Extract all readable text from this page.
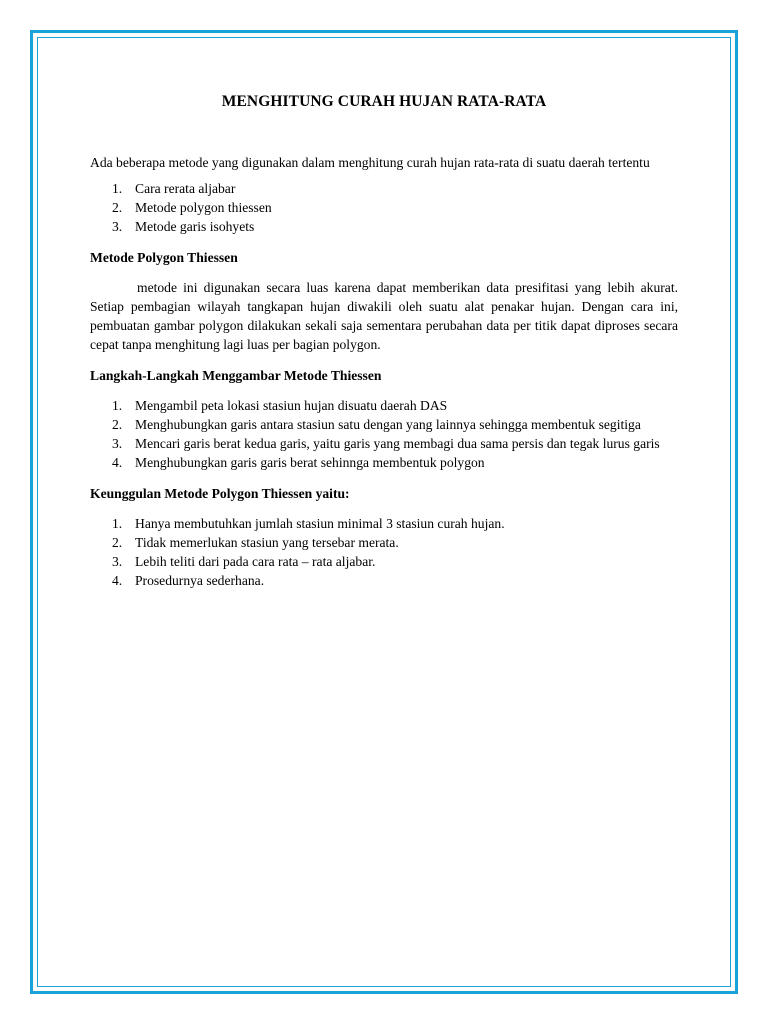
MENGHITUNG CURAH HUJAN RATA-RATA

Ada beberapa metode yang digunakan dalam menghitung curah hujan rata-rata di suatu daerah tertentu

1. Cara rerata aljabar
2. Metode polygon thiessen
3. Metode garis isohyets

Metode Polygon Thiessen

metode ini digunakan secara luas karena dapat memberikan data presifitasi yang lebih akurat. Setiap pembagian wilayah tangkapan hujan diwakili oleh suatu alat penakar hujan. Dengan cara ini, pembuatan gambar polygon dilakukan sekali saja sementara perubahan data per titik dapat diproses secara cepat tanpa menghitung lagi luas per bagian polygon.

Langkah-Langkah Menggambar Metode Thiessen

1. Mengambil peta lokasi stasiun hujan disuatu daerah DAS
2. Menghubungkan garis antara stasiun satu dengan yang lainnya sehingga membentuk segitiga
3. Mencari garis berat kedua garis, yaitu garis yang membagi dua sama persis dan tegak lurus garis
4. Menghubungkan garis garis berat sehinnga membentuk polygon

Keunggulan Metode Polygon Thiessen yaitu:

1. Hanya membutuhkan jumlah stasiun minimal 3 stasiun curah hujan.
2. Tidak memerlukan stasiun yang tersebar merata.
3. Lebih teliti dari pada cara rata – rata aljabar.
4. Prosedurnya sederhana.
